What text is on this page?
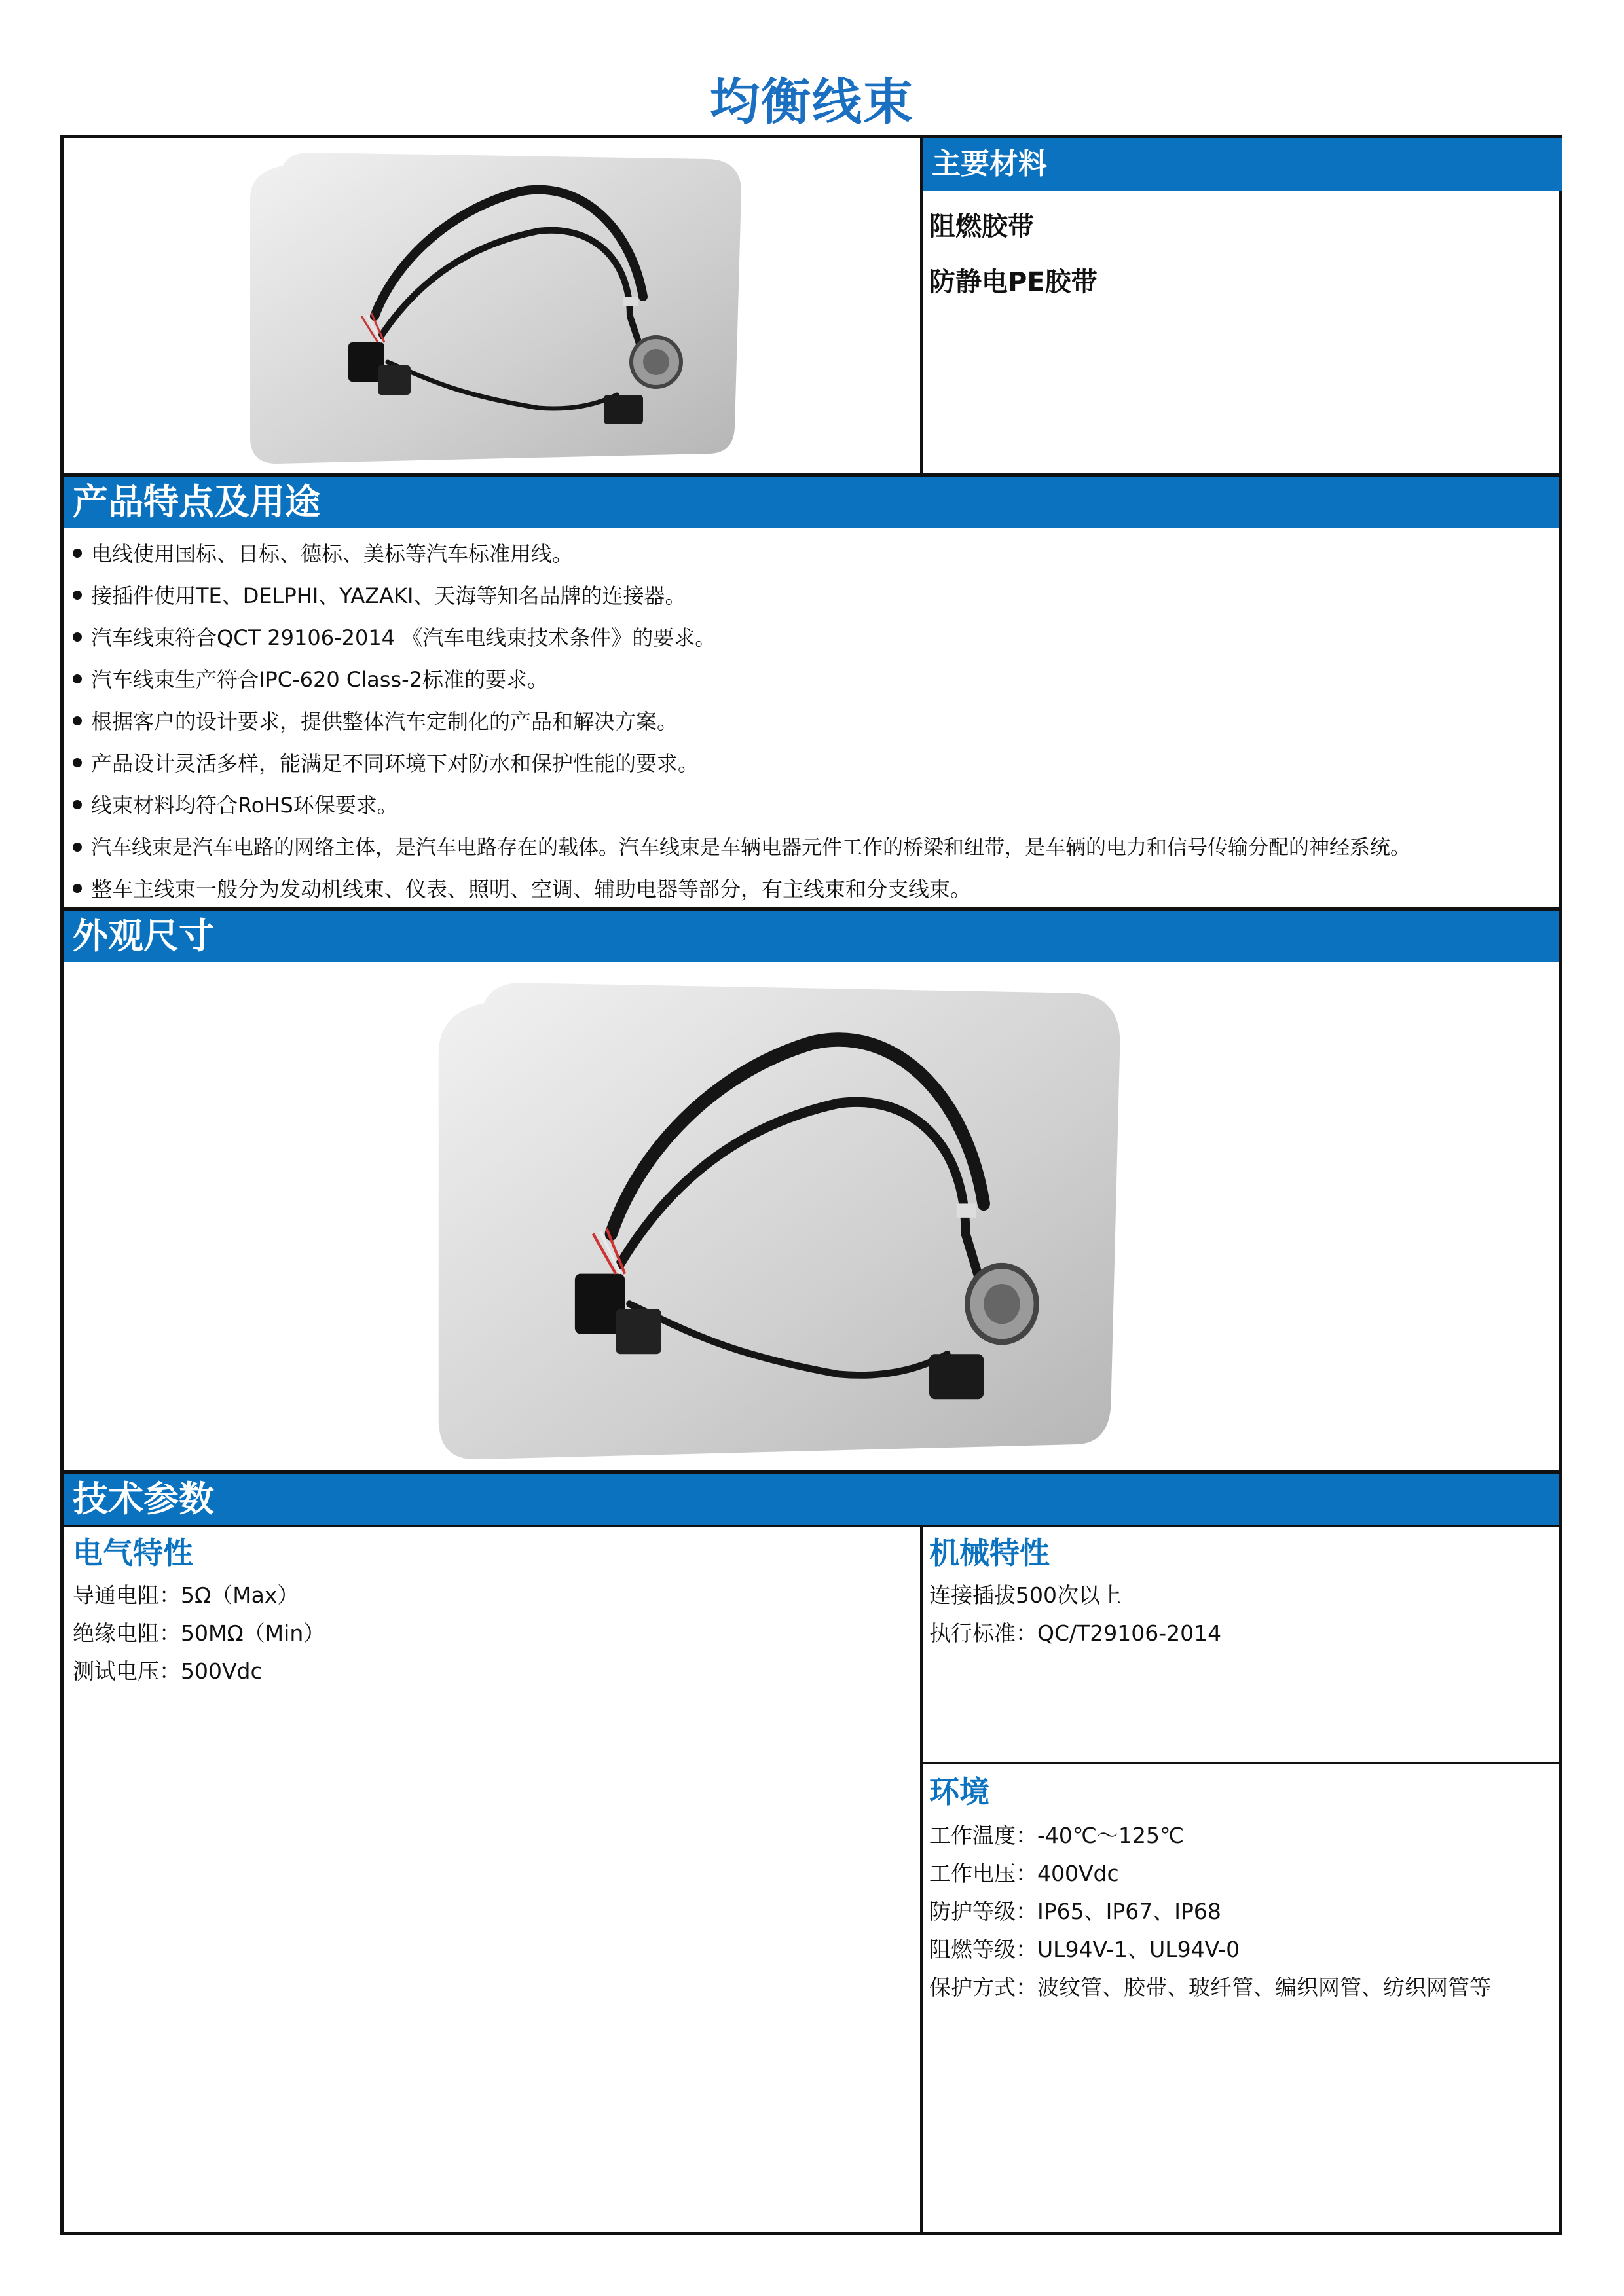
均衡线束
主要材料
阻燃胶带
防静电PE胶带
产品特点及用途
电线使用国标、日标、德标、美标等汽车标准用线。
接插件使用TE、DELPHI、YAZAKI、天海等知名品牌的连接器。
汽车线束符合QCT 29106-2014 《汽车电线束技术条件》的要求。
汽车线束生产符合IPC-620 Class-2标准的要求。
根据客户的设计要求，提供整体汽车定制化的产品和解决方案。
产品设计灵活多样，能满足不同环境下对防水和保护性能的要求。
线束材料均符合RoHS环保要求。
汽车线束是汽车电路的网络主体，是汽车电路存在的载体。汽车线束是车辆电器元件工作的桥梁和纽带，是车辆的电力和信号传输分配的神经系统。
整车主线束一般分为发动机线束、仪表、照明、空调、辅助电器等部分，有主线束和分支线束。
外观尺寸
技术参数
电气特性
导通电阻：5Ω（Max）
绝缘电阻：50MΩ（Min）
测试电压：500Vdc
机械特性
连接插拔500次以上
执行标准：QC/T29106-2014
环境
工作温度：-40℃～125℃
工作电压：400Vdc
防护等级：IP65、IP67、IP68
阻燃等级：UL94V-1、UL94V-0
保护方式：波纹管、胶带、玻纤管、编织网管、纺织网管等
